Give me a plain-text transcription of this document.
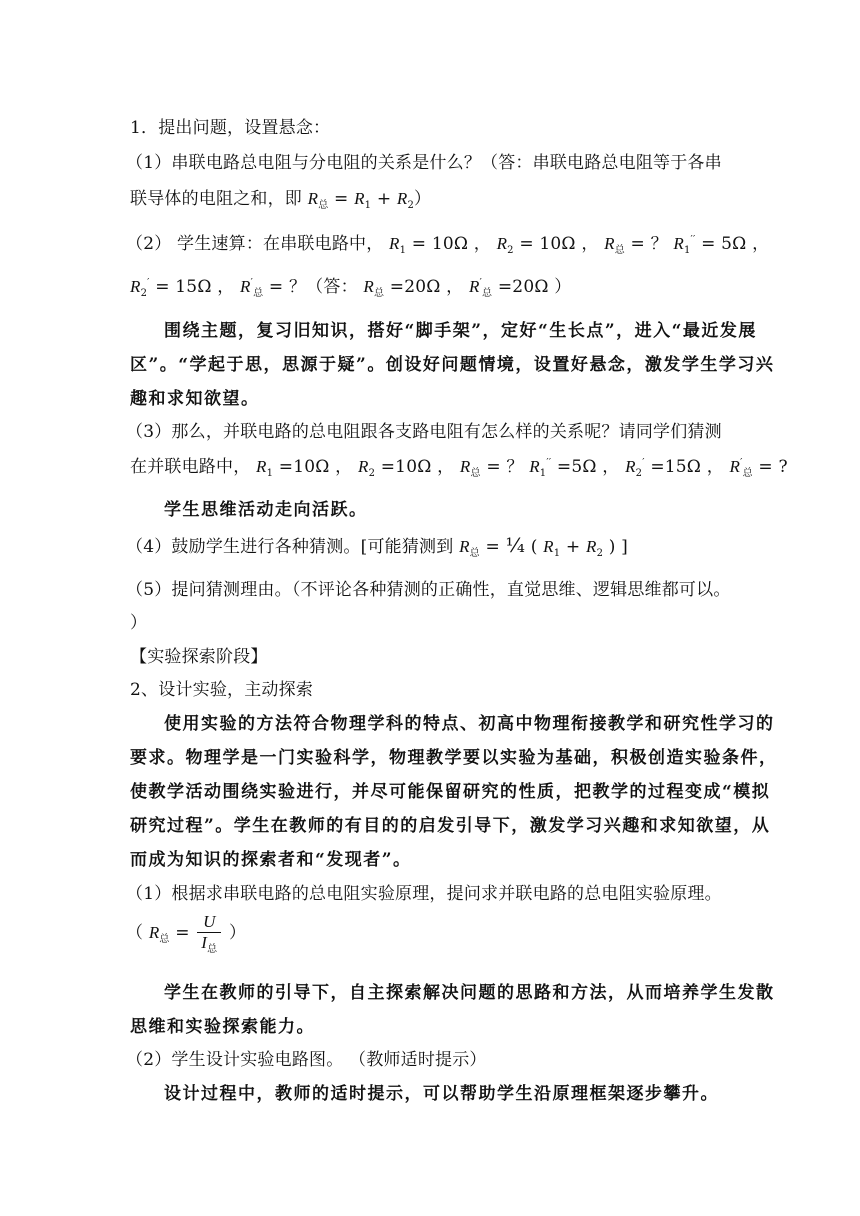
1．提出问题，设置悬念：
（1）串联电路总电阻与分电阻的关系是什么？（答：串联电路总电阻等于各串
联导体的电阻之和，即 $R_总 = R_1 + R_2$）
（2） 学生速算：在串联电路中， $R_1 = 10\Omega$ ， $R_2 = 10\Omega$ ， $R_总$ = ？ $R_1'' = 5\Omega$ ，
$R_2' = 15\Omega$ ， $R'_总$ = ？（答： $R_总 =20\Omega$ ， $R'_总 =20\Omega$ ）
围绕主题，复习旧知识，搭好“脚手架”，定好“生长点”，进入“最近发展
区”。“学起于思，思源于疑”。创设好问题情境，设置好悬念，激发学生学习兴
趣和求知欲望。
（3）那么，并联电路的总电阻跟各支路电阻有怎么样的关系呢？请同学们猜测
在并联电路中， $R_1 =10\Omega$ ， $R_2 =10\Omega$ ， $R_总$ = ？ $R_1'' =5\Omega$ ， $R_2' =15\Omega$ ， $R'_总$ = ?
学生思维活动走向活跃。
（4）鼓励学生进行各种猜测。[可能猜测到 $R_总$ = ¼ ( $R_1 + R_2$ ) ]
（5）提问猜测理由。（不评论各种猜测的正确性，直觉思维、逻辑思维都可以。
）
【实验探索阶段】
2、设计实验，主动探索
使用实验的方法符合物理学科的特点、初高中物理衔接教学和研究性学习的
要求。物理学是一门实验科学，物理教学要以实验为基础，积极创造实验条件，
使教学活动围绕实验进行，并尽可能保留研究的性质，把教学的过程变成“模拟
研究过程”。学生在教师的有目的的启发引导下，激发学习兴趣和求知欲望，从
而成为知识的探索者和“发现者”。
（1）根据求串联电路的总电阻实验原理，提问求并联电路的总电阻实验原理。
（ $R_总 = \frac{U}{I_总}$ ）
学生在教师的引导下，自主探索解决问题的思路和方法，从而培养学生发散
思维和实验探索能力。
（2）学生设计实验电路图。 （教师适时提示）
设计过程中，教师的适时提示，可以帮助学生沿原理框架逐步攀升。
